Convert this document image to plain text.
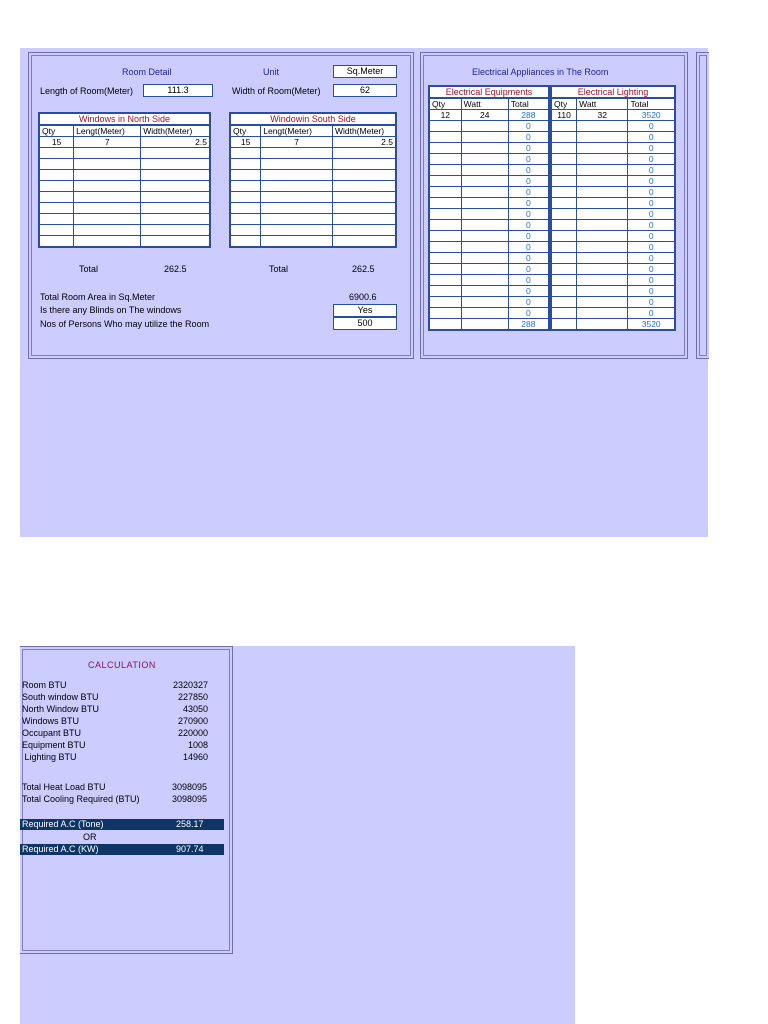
Room Detail	Unit	Sq.Meter
Length of Room(Meter)	111.3	Width of Room(Meter)	62
Windows in North Side
Qty	Lengt(Meter)	Width(Meter)
15	7	2.5

Windowin South Side
Qty	Lengt(Meter)	Width(Meter)
15	7	2.5

Total	262.5	Total	262.5
Total Room Area in Sq.Meter	6900.6
Is there any Blinds on The windows	Yes
Nos of Persons Who may utilize the Room	500
Electrical Appliances in The Room
Electrical Equipments
Qty	Watt	Total
12	24	288
		0
		0
		0
		0
		0
		0
		0
		0
		0
		0
		0
		0
		0
		0
		0
		0
		0
		0
		288
Electrical Lighting
Qty	Watt	Total
110	32	3520
		0
		0
		0
		0
		0
		0
		0
		0
		0
		0
		0
		0
		0
		0
		0
		0
		0
		0
		3520
CALCULATION
Room BTU	2320327
South window BTU	227850
North Window BTU	43050
Windows BTU	270900
Occupant BTU	220000
Equipment BTU	1008
Lighting BTU	14960
Total Heat Load BTU	3098095
Total Cooling Required (BTU)	3098095
Required A.C (Tone)	258.17
OR
Required A.C (KW)	907.74
